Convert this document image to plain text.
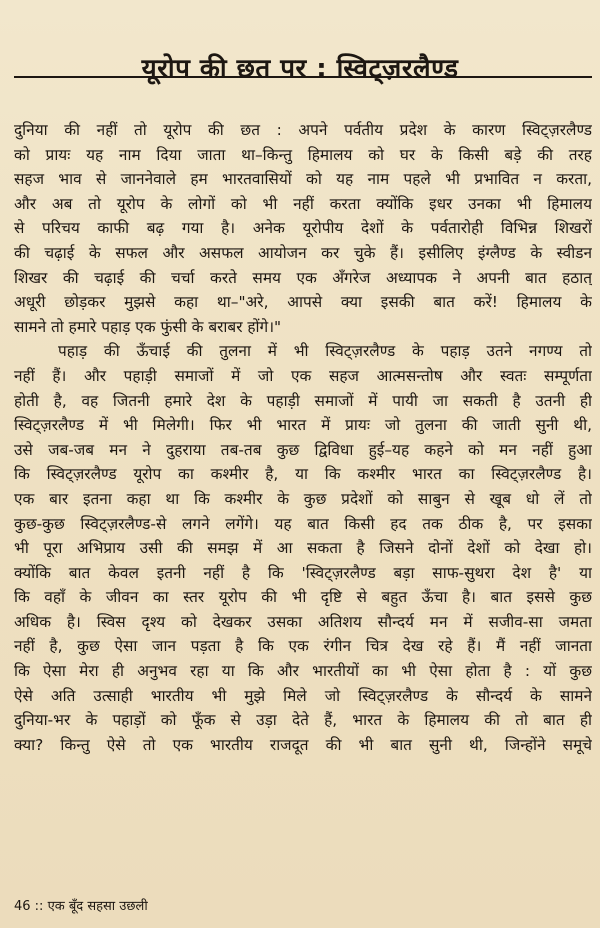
यूरोप की छत पर : स्विट्ज़रलैण्ड
दुनिया की नहीं तो यूरोप की छत : अपने पर्वतीय प्रदेश के कारण स्विट्ज़रलैण्ड
को प्रायः यह नाम दिया जाता था–किन्तु हिमालय को घर के किसी बड़े की तरह
सहज भाव से जाननेवाले हम भारतवासियों को यह नाम पहले भी प्रभावित न करता,
और अब तो यूरोप के लोगों को भी नहीं करता क्योंकि इधर उनका भी हिमालय
से परिचय काफी बढ़ गया है। अनेक यूरोपीय देशों के पर्वतारोही विभिन्न शिखरों
की चढ़ाई के सफल और असफल आयोजन कर चुके हैं। इसीलिए इंग्लैण्ड के स्वीडन
शिखर की चढ़ाई की चर्चा करते समय एक अँगरेज अध्यापक ने अपनी बात हठात्
अधूरी छोड़कर मुझसे कहा था–"अरे, आपसे क्या इसकी बात करें! हिमालय के
सामने तो हमारे पहाड़ एक फुंसी के बराबर होंगे।"
पहाड़ की ऊँचाई की तुलना में भी स्विट्ज़रलैण्ड के पहाड़ उतने नगण्य तो
नहीं हैं। और पहाड़ी समाजों में जो एक सहज आत्मसन्तोष और स्वतः सम्पूर्णता
होती है, वह जितनी हमारे देश के पहाड़ी समाजों में पायी जा सकती है उतनी ही
स्विट्ज़रलैण्ड में भी मिलेगी। फिर भी भारत में प्रायः जो तुलना की जाती सुनी थी,
उसे जब-जब मन ने दुहराया तब-तब कुछ द्विविधा हुई–यह कहने को मन नहीं हुआ
कि स्विट्ज़रलैण्ड यूरोप का कश्मीर है, या कि कश्मीर भारत का स्विट्ज़रलैण्ड है।
एक बार इतना कहा था कि कश्मीर के कुछ प्रदेशों को साबुन से खूब धो लें तो
कुछ-कुछ स्विट्ज़रलैण्ड-से लगने लगेंगे। यह बात किसी हद तक ठीक है, पर इसका
भी पूरा अभिप्राय उसी की समझ में आ सकता है जिसने दोनों देशों को देखा हो।
क्योंकि बात केवल इतनी नहीं है कि 'स्विट्ज़रलैण्ड बड़ा साफ-सुथरा देश है' या
कि वहाँ के जीवन का स्तर यूरोप की भी दृष्टि से बहुत ऊँचा है। बात इससे कुछ
अधिक है। स्विस दृश्य को देखकर उसका अतिशय सौन्दर्य मन में सजीव-सा जमता
नहीं है, कुछ ऐसा जान पड़ता है कि एक रंगीन चित्र देख रहे हैं। मैं नहीं जानता
कि ऐसा मेरा ही अनुभव रहा या कि और भारतीयों का भी ऐसा होता है : यों कुछ
ऐसे अति उत्साही भारतीय भी मुझे मिले जो स्विट्ज़रलैण्ड के सौन्दर्य के सामने
दुनिया-भर के पहाड़ों को फूँक से उड़ा देते हैं, भारत के हिमालय की तो बात ही
क्या? किन्तु ऐसे तो एक भारतीय राजदूत की भी बात सुनी थी, जिन्होंने समूचे
46 :: एक बूँद सहसा उछली
